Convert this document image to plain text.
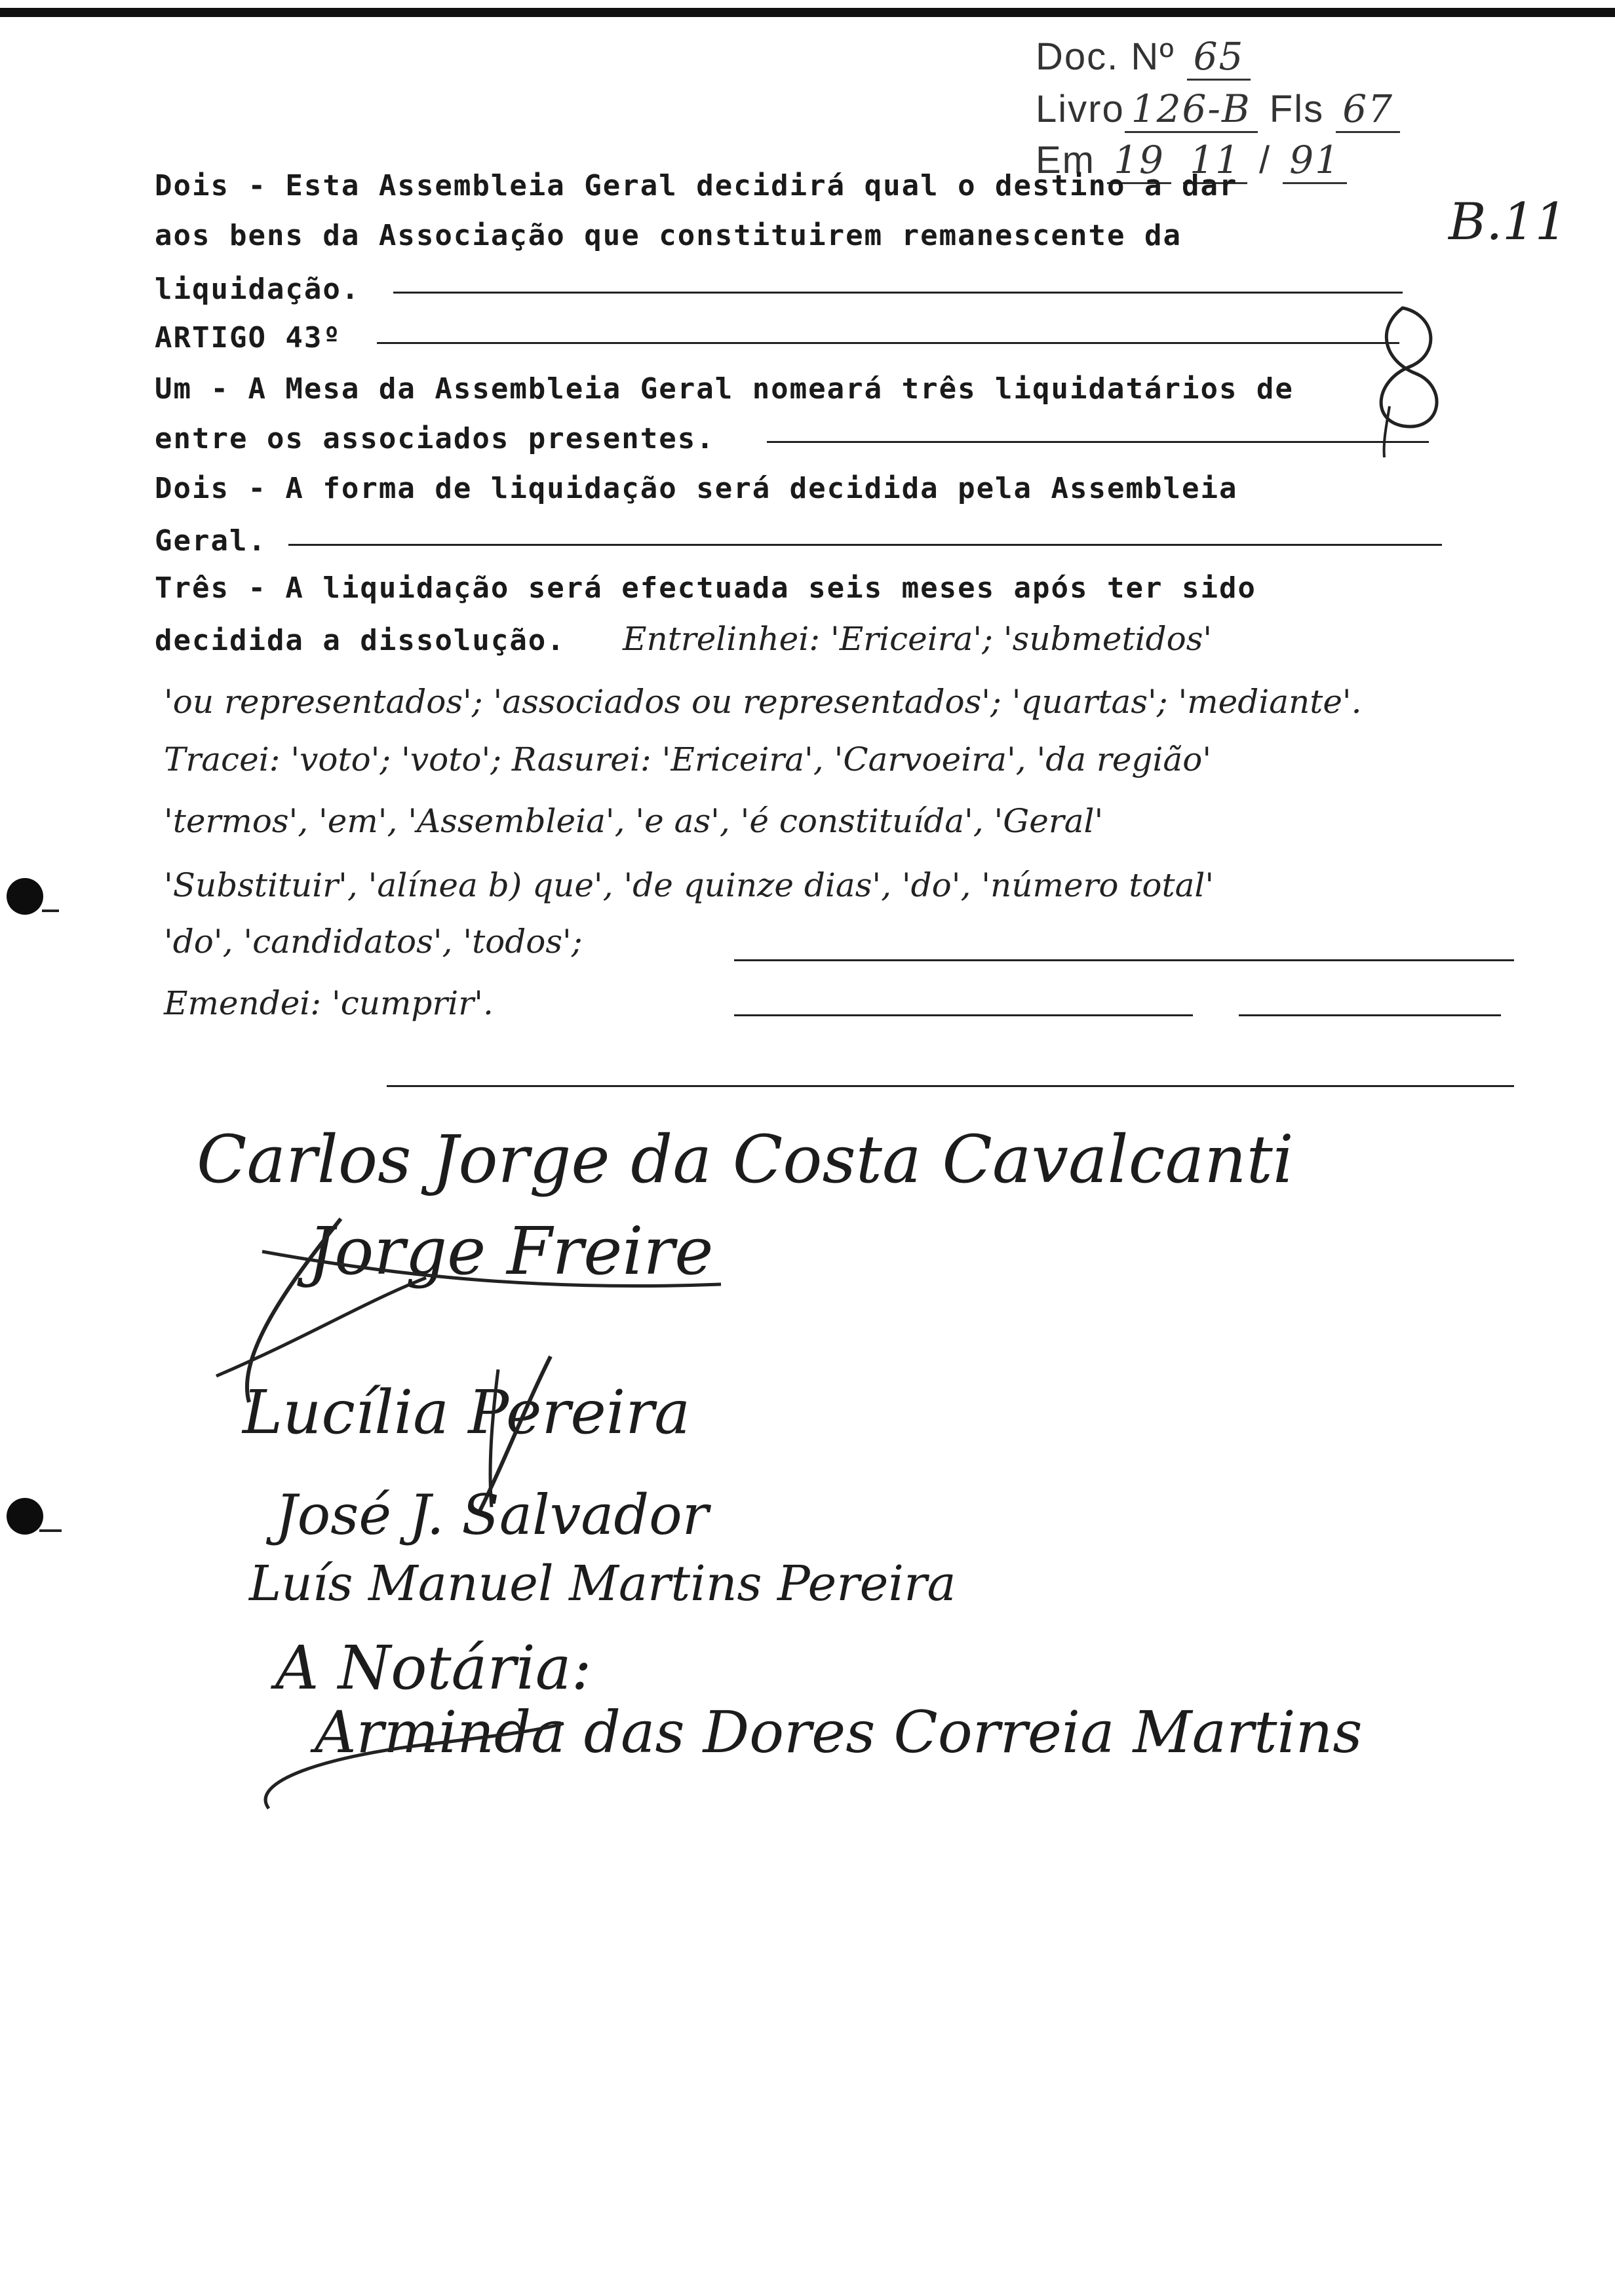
Doc. Nº 65
Livro 126-B Fls 67
Em 19 11 / 91
B.11
Dois - Esta Assembleia Geral decidirá qual o destino a dar
aos bens da Associação que constituirem remanescente da
liquidação.
ARTIGO 43º
Um - A Mesa da Assembleia Geral nomeará três liquidatários de
entre os associados presentes.
Dois - A forma de liquidação será decidida pela Assembleia
Geral.
Três - A liquidação será efectuada seis meses após ter sido
decidida a dissolução. Entrelinhei: 'Ericeira'; 'submetidos'
'ou representados'; 'associados ou representados'; 'quartas'; 'mediante'.
Tracei: 'voto'; 'voto'; Rasurei: 'Ericeira', 'Carvoeira', 'da região'
'termos', 'em', 'Assembleia', 'e as', 'é constituída', 'Geral'
'Substituir', 'alínea b) que', 'de quinze dias', 'do', 'número total'
'do', 'candidatos', 'todos';
Emendei: 'cumprir'.
Carlos Jorge da Costa Cavalcanti
Jorge Freire
Lucília Pereira
José J. Salvador
Luís Manuel Martins Pereira
A Notária:
Arminda das Dores Correia Martins
